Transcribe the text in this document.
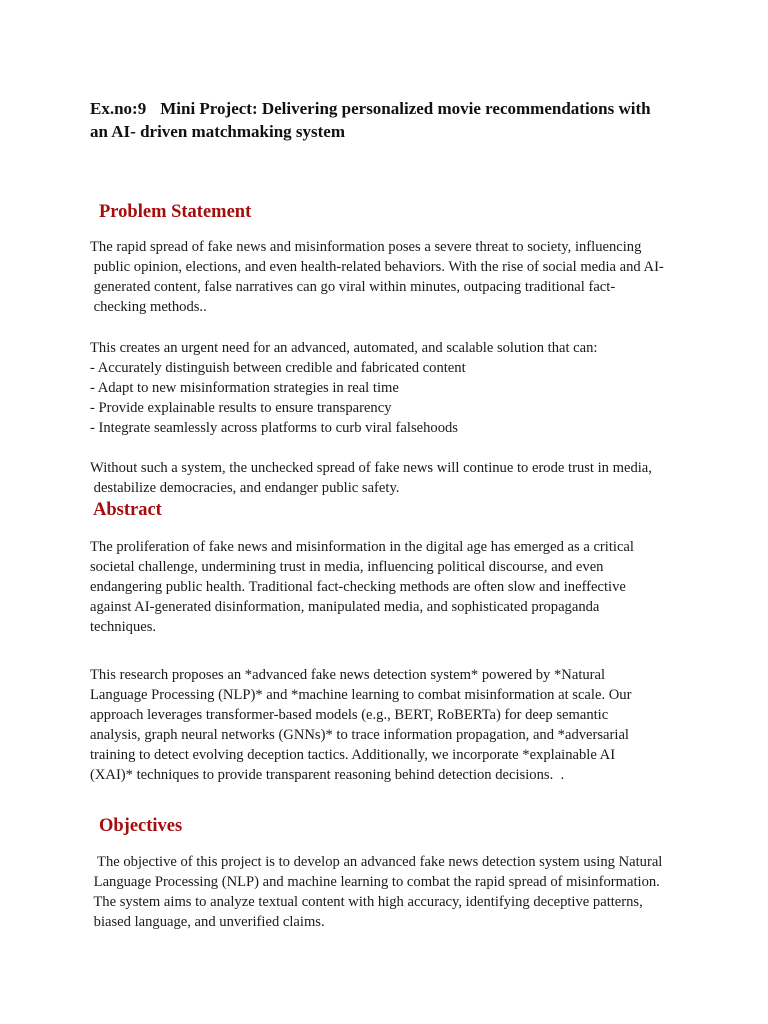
Ex.no:9 Mini Project: Delivering personalized movie recommendations with
an AI- driven matchmaking system
Problem Statement
The rapid spread of fake news and misinformation poses a severe threat to society, influencing
public opinion, elections, and even health-related behaviors. With the rise of social media and AI-
generated content, false narratives can go viral within minutes, outpacing traditional fact-
checking methods..
This creates an urgent need for an advanced, automated, and scalable solution that can:
- Accurately distinguish between credible and fabricated content
- Adapt to new misinformation strategies in real time
- Provide explainable results to ensure transparency
- Integrate seamlessly across platforms to curb viral falsehoods
Without such a system, the unchecked spread of fake news will continue to erode trust in media,
destabilize democracies, and endanger public safety.
Abstract
The proliferation of fake news and misinformation in the digital age has emerged as a critical
societal challenge, undermining trust in media, influencing political discourse, and even
endangering public health. Traditional fact-checking methods are often slow and ineffective
against AI-generated disinformation, manipulated media, and sophisticated propaganda
techniques.
This research proposes an *advanced fake news detection system* powered by *Natural
Language Processing (NLP)* and *machine learning to combat misinformation at scale. Our
approach leverages transformer-based models (e.g., BERT, RoBERTa) for deep semantic
analysis, graph neural networks (GNNs)* to trace information propagation, and *adversarial
training to detect evolving deception tactics. Additionally, we incorporate *explainable AI
(XAI)* techniques to provide transparent reasoning behind detection decisions.  .
Objectives
The objective of this project is to develop an advanced fake news detection system using Natural
Language Processing (NLP) and machine learning to combat the rapid spread of misinformation.
The system aims to analyze textual content with high accuracy, identifying deceptive patterns,
biased language, and unverified claims.
